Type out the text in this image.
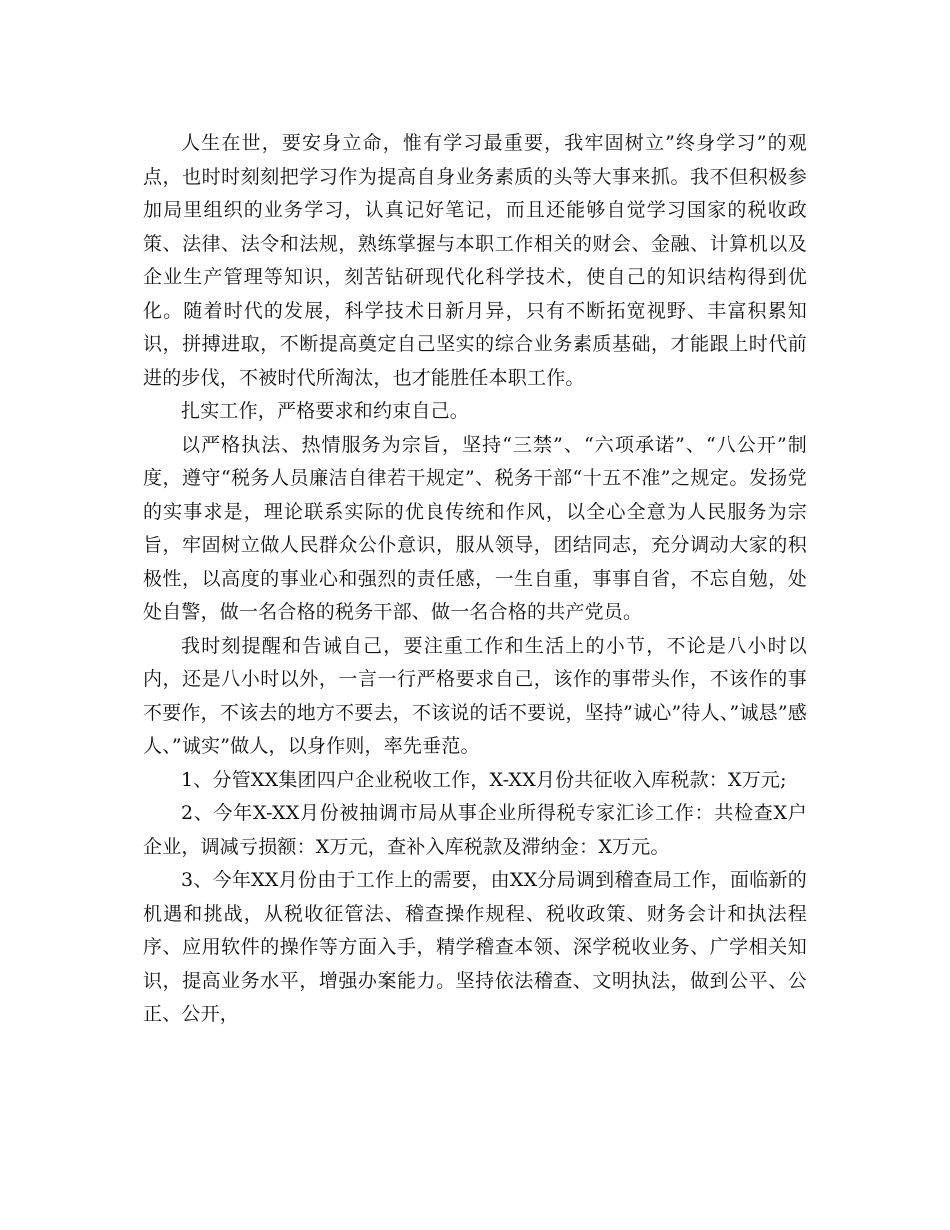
人生在世，要安身立命，惟有学习最重要，我牢固树立”终身学习”的观点，也时时刻刻把学习作为提高自身业务素质的头等大事来抓。我不但积极参加局里组织的业务学习，认真记好笔记，而且还能够自觉学习国家的税收政策、法律、法令和法规，熟练掌握与本职工作相关的财会、金融、计算机以及企业生产管理等知识，刻苦钻研现代化科学技术，使自己的知识结构得到优化。随着时代的发展，科学技术日新月异，只有不断拓宽视野、丰富积累知识，拼搏进取，不断提高奠定自己坚实的综合业务素质基础，才能跟上时代前进的步伐，不被时代所淘汰，也才能胜任本职工作。

扎实工作，严格要求和约束自己。

以严格执法、热情服务为宗旨，坚持“三禁”、“六项承诺”、“八公开”制度，遵守“税务人员廉洁自律若干规定”、税务干部“十五不准”之规定。发扬党的实事求是，理论联系实际的优良传统和作风，以全心全意为人民服务为宗旨，牢固树立做人民群众公仆意识，服从领导，团结同志，充分调动大家的积极性，以高度的事业心和强烈的责任感，一生自重，事事自省，不忘自勉，处处自警，做一名合格的税务干部、做一名合格的共产党员。

我时刻提醒和告诫自己，要注重工作和生活上的小节，不论是八小时以内，还是八小时以外，一言一行严格要求自己，该作的事带头作，不该作的事不要作，不该去的地方不要去，不该说的话不要说，坚持”诚心”待人、”诚恳”感人、”诚实”做人，以身作则，率先垂范。

1、分管XX集团四户企业税收工作，X-XX月份共征收入库税款：X万元;

2、今年X-XX月份被抽调市局从事企业所得税专家汇诊工作：共检查X户企业，调减亏损额：X万元，查补入库税款及滞纳金：X万元。

3、今年XX月份由于工作上的需要，由XX分局调到稽查局工作，面临新的机遇和挑战，从税收征管法、稽查操作规程、税收政策、财务会计和执法程序、应用软件的操作等方面入手，精学稽查本领、深学税收业务、广学相关知识，提高业务水平，增强办案能力。坚持依法稽查、文明执法，做到公平、公正、公开，
